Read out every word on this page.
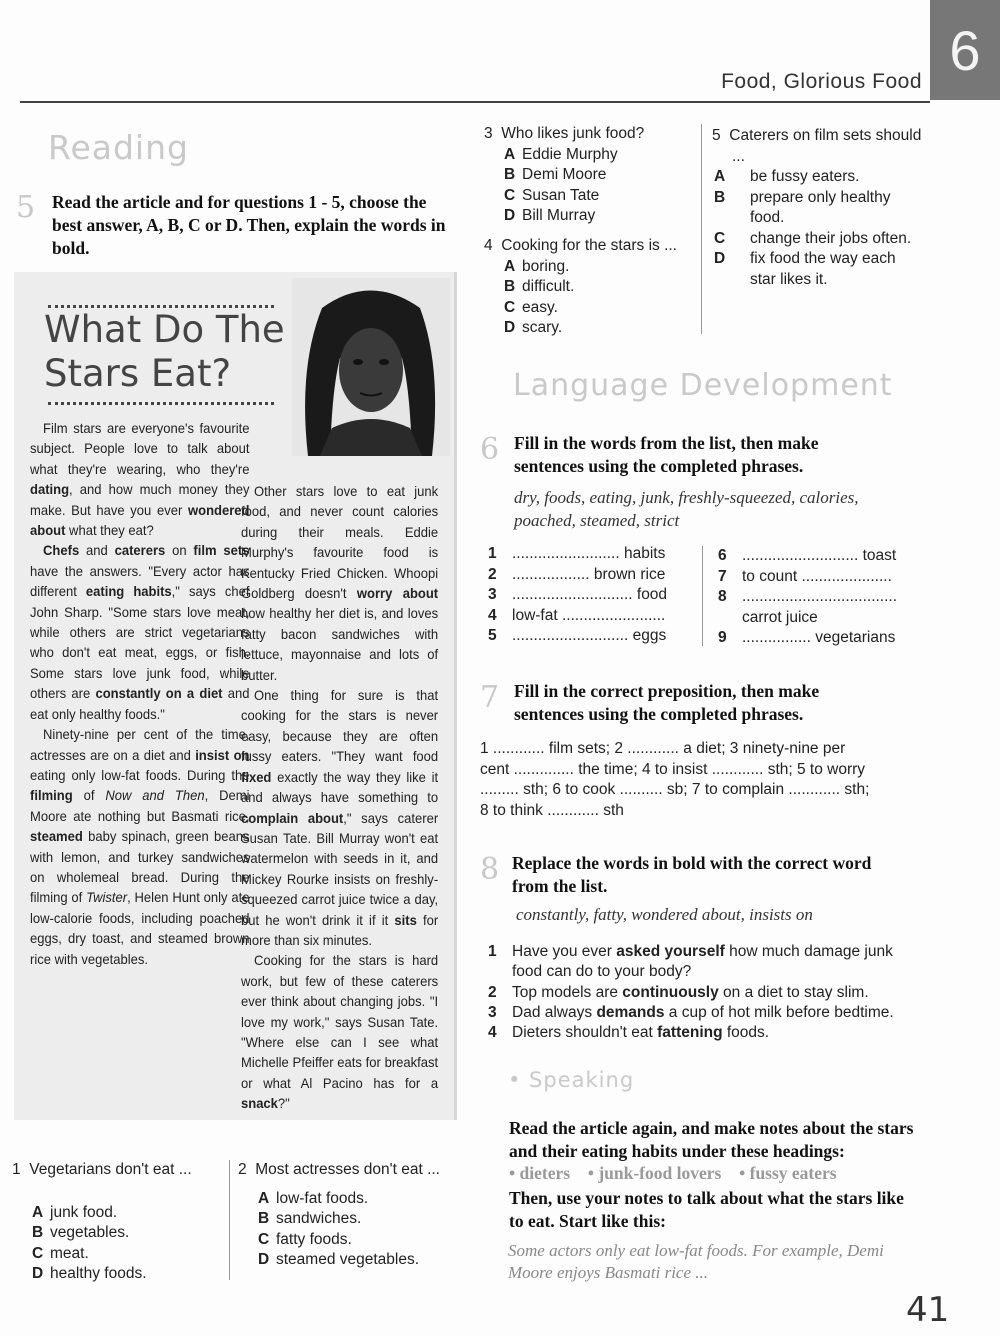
Food, Glorious Food 6
Reading
5 Read the article and for questions 1 - 5, choose the best answer, A, B, C or D. Then, explain the words in bold.
What Do The
Stars Eat?

Film stars are everyone's favourite subject. People love to talk about what they're wearing, who they're dating, and how much money they make. But have you ever wondered about what they eat?

Chefs and caterers on film sets have the answers. "Every actor has different eating habits," says chef John Sharp. "Some stars love meat, while others are strict vegetarians who don't eat meat, eggs, or fish. Some stars love junk food, while others are constantly on a diet and eat only healthy foods."

Ninety-nine per cent of the time, actresses are on a diet and insist on eating only low-fat foods. During the filming of Now and Then, Demi Moore ate nothing but Basmati rice, steamed baby spinach, green beans with lemon, and turkey sandwiches on wholemeal bread. During the filming of Twister, Helen Hunt only ate low-calorie foods, including poached eggs, dry toast, and steamed brown rice with vegetables.

Other stars love to eat junk food, and never count calories during their meals. Eddie Murphy's favourite food is Kentucky Fried Chicken. Whoopi Goldberg doesn't worry about how healthy her diet is, and loves fatty bacon sandwiches with lettuce, mayonnaise and lots of butter.

One thing for sure is that cooking for the stars is never easy, because they are often fussy eaters. "They want food fixed exactly the way they like it and always have something to complain about," says caterer Susan Tate. Bill Murray won't eat watermelon with seeds in it, and Mickey Rourke insists on freshly-squeezed carrot juice twice a day, but he won't drink it if it sits for more than six minutes.

Cooking for the stars is hard work, but few of these caterers ever think about changing jobs. "I love my work," says Susan Tate. "Where else can I see what Michelle Pfeiffer eats for breakfast or what Al Pacino has for a snack?"

1 Vegetarians don't eat ...
A junk food.
B vegetables.
C meat.
D healthy foods.
2 Most actresses don't eat ...
A low-fat foods.
B sandwiches.
C fatty foods.
D steamed vegetables.
3 Who likes junk food?
A Eddie Murphy
B Demi Moore
C Susan Tate
D Bill Murray
4 Cooking for the stars is ...
A boring.
B difficult.
C easy.
D scary.
5 Caterers on film sets should ...
A be fussy eaters.
B prepare only healthy food.
C change their jobs often.
D fix food the way each star likes it.
Language Development
6 Fill in the words from the list, then make sentences using the completed phrases.
dry, foods, eating, junk, freshly-squeezed, calories, poached, steamed, strict
1 ......................... habits
2 .................. brown rice
3 ............................ food
4 low-fat ........................
5 ........................... eggs
6 ........................... toast
7 to count .....................
8 ....................................
carrot juice
9 ................ vegetarians
7 Fill in the correct preposition, then make sentences using the completed phrases.
1 ............ film sets; 2 ............ a diet; 3 ninety-nine per
cent .............. the time; 4 to insist ............ sth; 5 to worry
......... sth; 6 to cook .......... sb; 7 to complain ............ sth;
8 to think ............ sth
8 Replace the words in bold with the correct word from the list.
constantly, fatty, wondered about, insists on
1 Have you ever asked yourself how much damage junk food can do to your body?
2 Top models are continuously on a diet to stay slim.
3 Dad always demands a cup of hot milk before bedtime.
4 Dieters shouldn't eat fattening foods.
• Speaking
Read the article again, and make notes about the stars and their eating habits under these headings:
• dieters • junk-food lovers • fussy eaters
Then, use your notes to talk about what the stars like to eat. Start like this:
Some actors only eat low-fat foods. For example, Demi Moore enjoys Basmati rice ...
41
